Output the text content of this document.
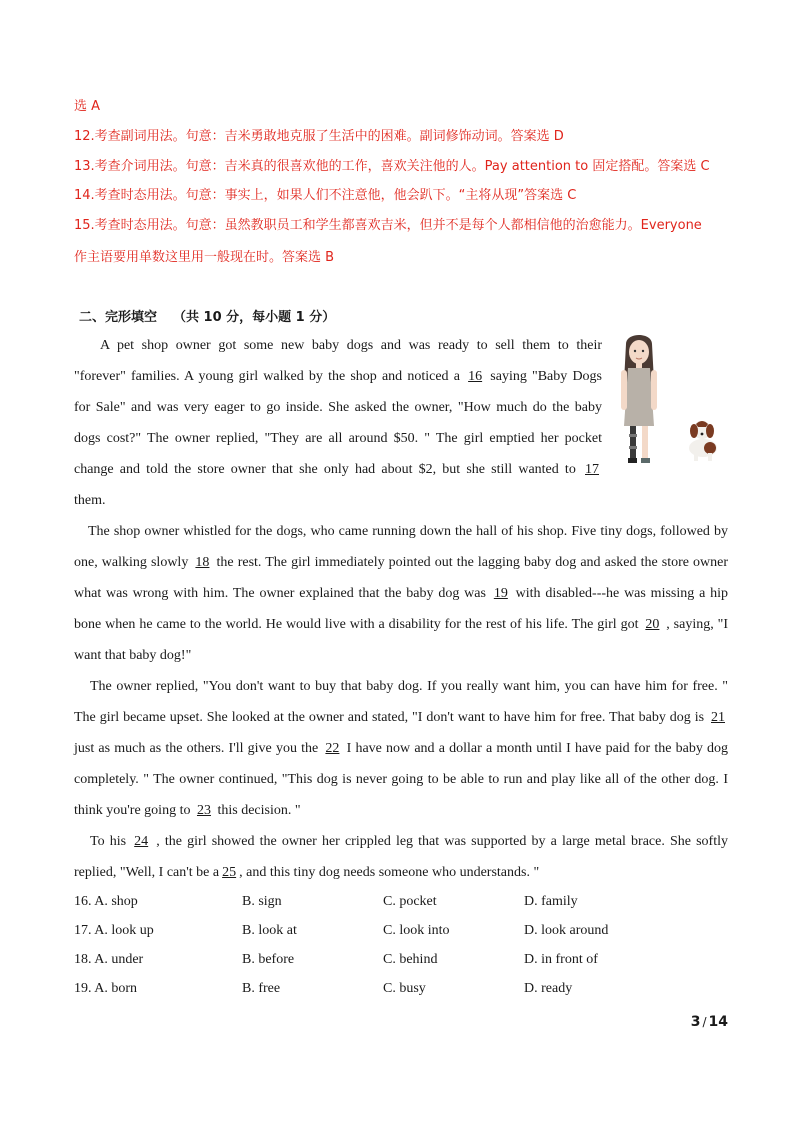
选 A
12.考查副词用法。句意：吉米勇敢地克服了生活中的困难。副词修饰动词。答案选 D
13.考查介词用法。句意：吉米真的很喜欢他的工作，喜欢关注他的人。Pay attention to 固定搭配。答案选 C
14.考查时态用法。句意：事实上，如果人们不注意他，他会趴下。“主将从现”答案选 C
15.考查时态用法。句意：虽然教职员工和学生都喜欢吉米，但并不是每个人都相信他的治愈能力。Everyone
作主语要用单数这里用一般现在时。答案选 B
二、完形填空 （共 10 分，每小题 1 分）
A pet shop owner got some new baby dogs and was ready to sell them to their
"forever" families. A young girl walked by the shop and noticed a 16 saying "Baby Dogs
for Sale" and was very eager to go inside. She asked the owner, "How much do the baby
dogs cost?" The owner replied, "They are all around $50. " The girl emptied her pocket
change and told the store owner that she only had about $2, but she still wanted to 17
them.
The shop owner whistled for the dogs, who came running down the hall of his shop. Five tiny dogs, followed by
one, walking slowly 18 the rest. The girl immediately pointed out the lagging baby dog and asked the store owner
what was wrong with him. The owner explained that the baby dog was 19 with disabled---he was missing a hip
bone when he came to the world. He would live with a disability for the rest of his life. The girl got 20 , saying, "I
want that baby dog!"
The owner replied, "You don't want to buy that baby dog. If you really want him, you can have him for free. "
The girl became upset. She looked at the owner and stated, "I don't want to have him for free. That baby dog is 21
just as much as the others. I'll give you the 22 I have now and a dollar a month until I have paid for the baby dog
completely. " The owner continued, "This dog is never going to be able to run and play like all of the other dog. I
think you're going to 23 this decision. "
To his 24 , the girl showed the owner her crippled leg that was supported by a large metal brace. She softly
replied, "Well, I can't be a 25 , and this tiny dog needs someone who understands. "
16. A. shop	B. sign	C. pocket	D. family
17. A. look up	B. look at	C. look into	D. look around
18. A. under	B. before	C. behind	D. in front of
19. A. born	B. free	C. busy	D. ready
3 / 14
